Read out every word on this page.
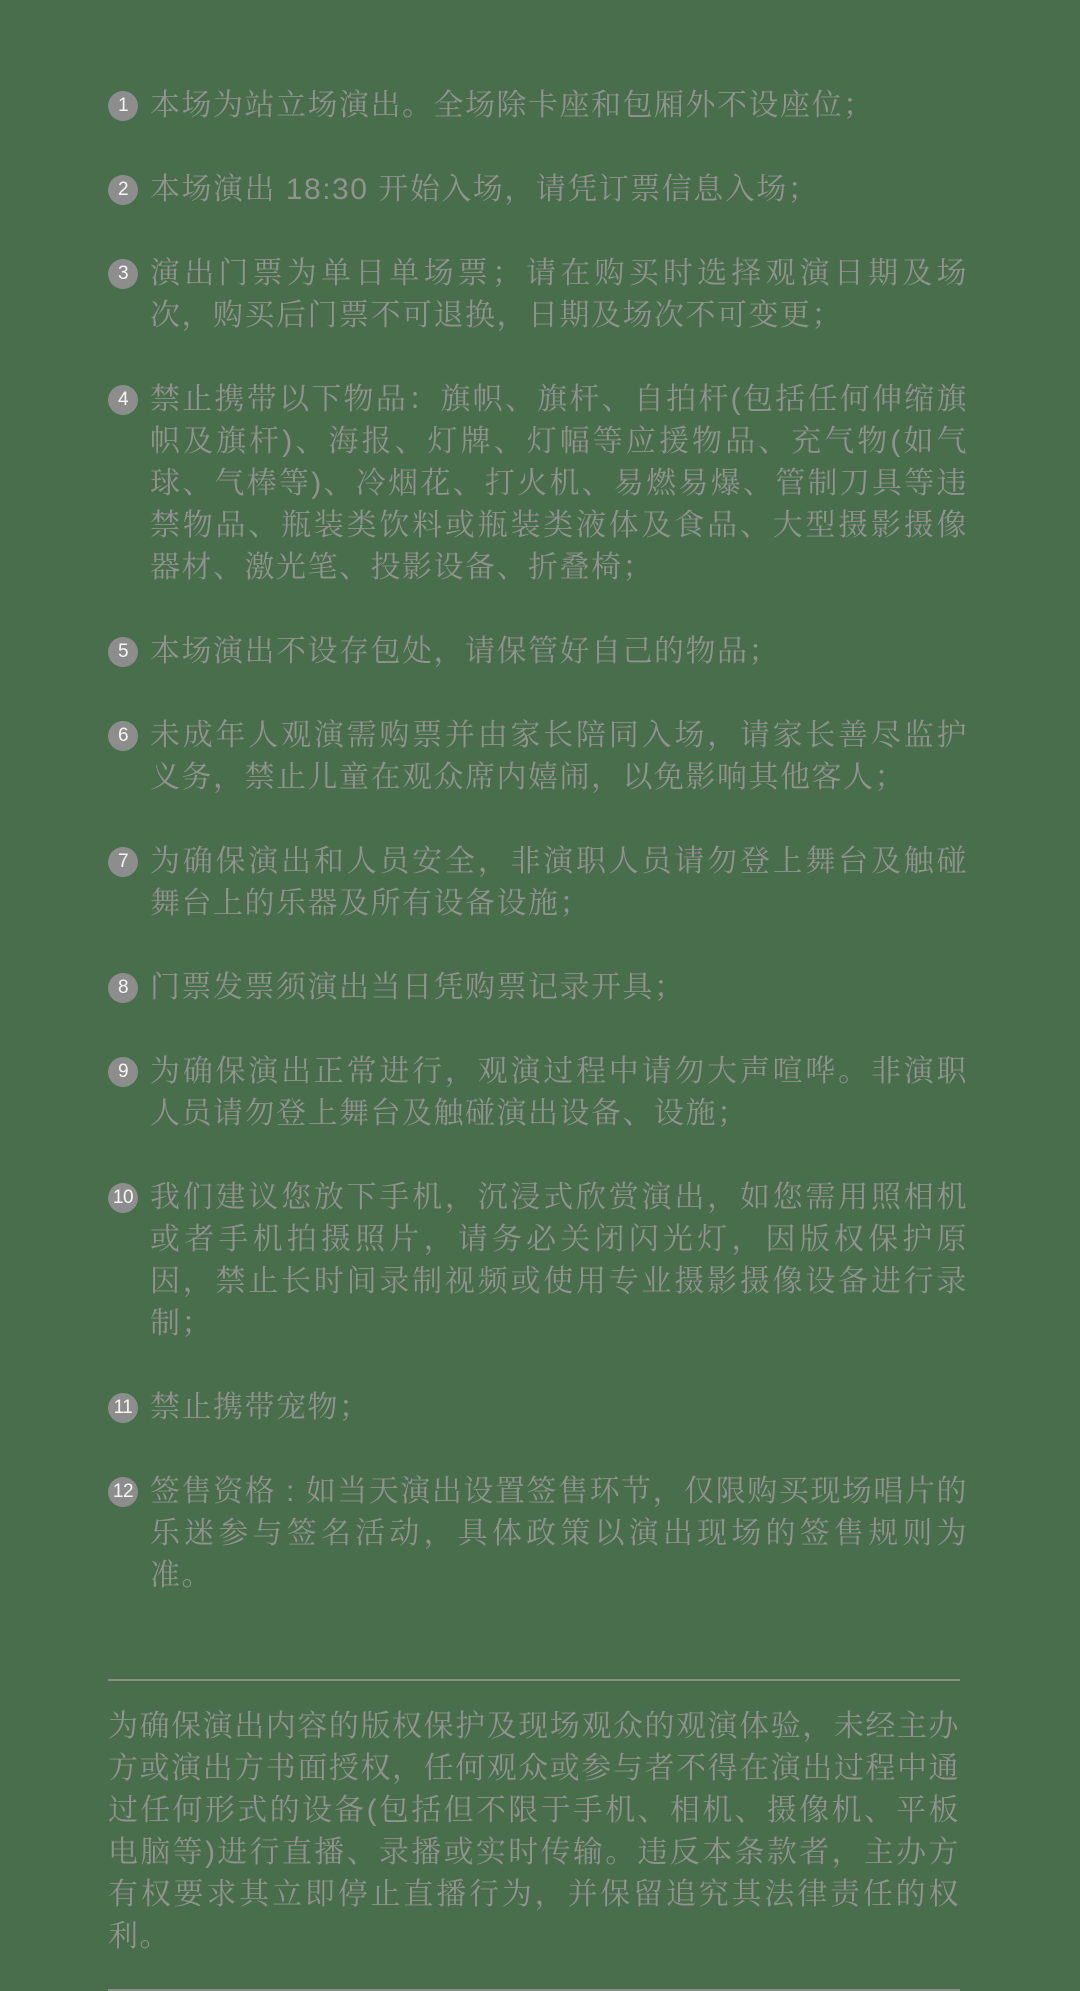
1 本场为站立场演出。全场除卡座和包厢外不设座位；

2 本场演出 18:30 开始入场，请凭订票信息入场；

3 演出门票为单日单场票；请在购买时选择观演日期及场次，购买后门票不可退换，日期及场次不可变更；

4 禁止携带以下物品：旗帜、旗杆、自拍杆(包括任何伸缩旗帜及旗杆)、海报、灯牌、灯幅等应援物品、充气物(如气球、气棒等)、冷烟花、打火机、易燃易爆、管制刀具等违禁物品、瓶装类饮料或瓶装类液体及食品、大型摄影摄像器材、激光笔、投影设备、折叠椅；

5 本场演出不设存包处，请保管好自己的物品；

6 未成年人观演需购票并由家长陪同入场，请家长善尽监护义务，禁止儿童在观众席内嬉闹，以免影响其他客人；

7 为确保演出和人员安全，非演职人员请勿登上舞台及触碰舞台上的乐器及所有设备设施；

8 门票发票须演出当日凭购票记录开具；

9 为确保演出正常进行，观演过程中请勿大声喧哗。非演职人员请勿登上舞台及触碰演出设备、设施；

10 我们建议您放下手机，沉浸式欣赏演出，如您需用照相机或者手机拍摄照片，请务必关闭闪光灯，因版权保护原因，禁止长时间录制视频或使用专业摄影摄像设备进行录制；

11 禁止携带宠物；

12 签售资格 : 如当天演出设置签售环节，仅限购买现场唱片的乐迷参与签名活动，具体政策以演出现场的签售规则为准。

为确保演出内容的版权保护及现场观众的观演体验，未经主办方或演出方书面授权，任何观众或参与者不得在演出过程中通过任何形式的设备(包括但不限于手机、相机、摄像机、平板电脑等)进行直播、录播或实时传输。违反本条款者，主办方有权要求其立即停止直播行为，并保留追究其法律责任的权利。
